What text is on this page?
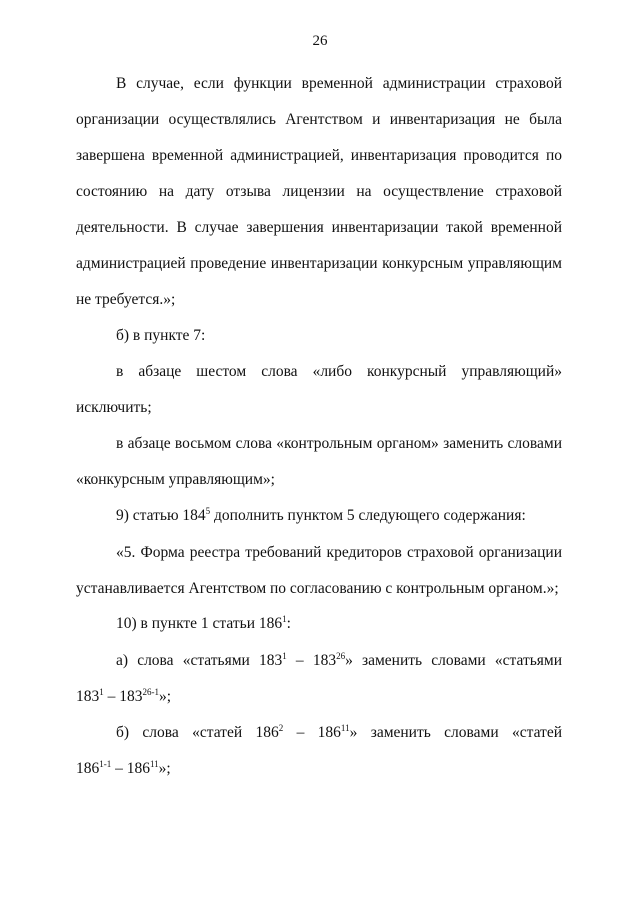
26

В случае, если функции временной администрации страховой

организации осуществлялись Агентством и инвентаризация не была

завершена временной администрацией, инвентаризация проводится по

состоянию на дату отзыва лицензии на осуществление страховой

деятельности. В случае завершения инвентаризации такой временной

администрацией проведение инвентаризации конкурсным управляющим

не требуется.»;

б) в пункте 7:

в абзаце шестом слова «либо конкурсный управляющий»

исключить;

в абзаце восьмом слова «контрольным органом» заменить словами

«конкурсным управляющим»;

9) статью $184^5$ дополнить пунктом 5 следующего содержания:

«5. Форма реестра требований кредиторов страховой организации

устанавливается Агентством по согласованию с контрольным органом.»;

10) в пункте 1 статьи $186^1$:

а) слова «статьями $183^1 - 183^{26}$» заменить словами «статьями

$183^1 - 183^{26-1}$»;

б) слова «статей $186^2 - 186^{11}$» заменить словами «статей

$186^{1-1} - 186^{11}$»;
